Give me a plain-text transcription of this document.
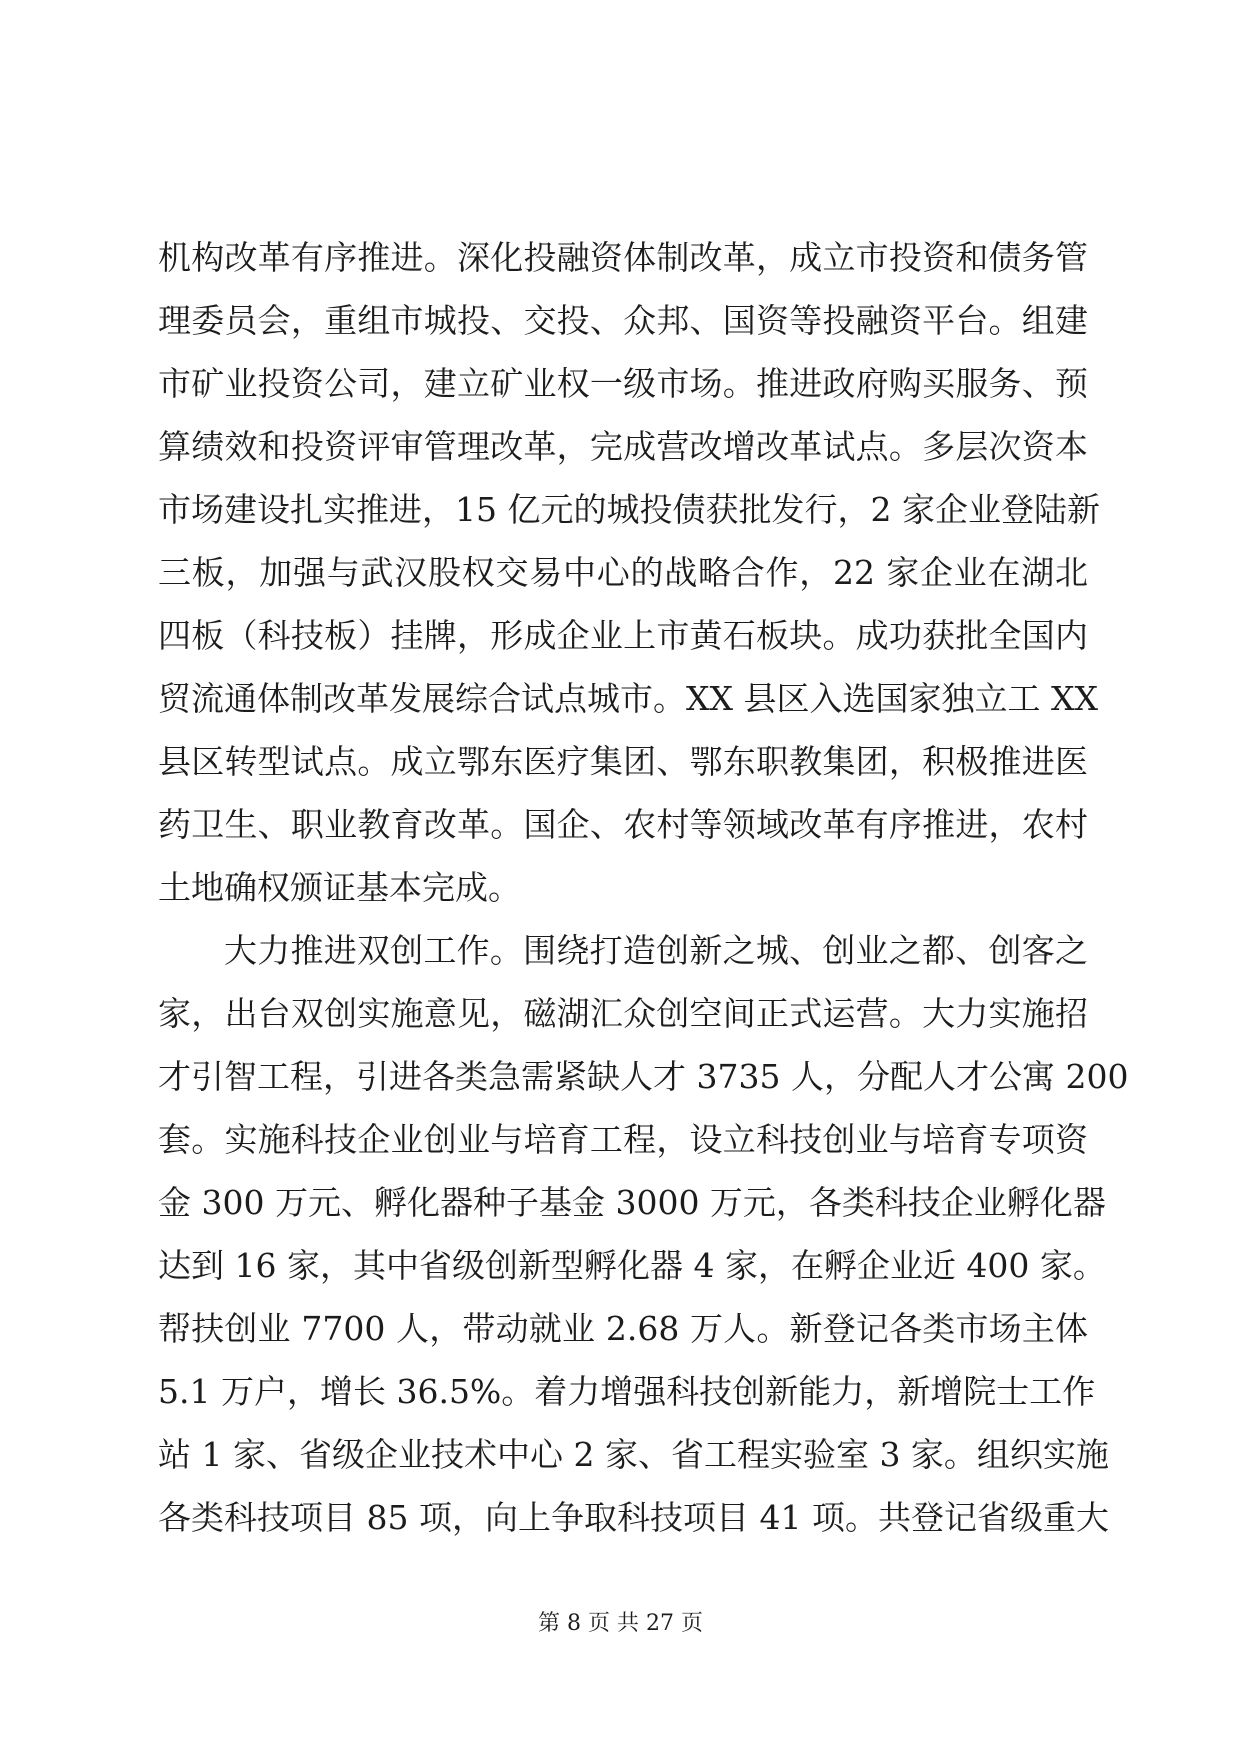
机构改革有序推进。深化投融资体制改革，成立市投资和债务管
理委员会，重组市城投、交投、众邦、国资等投融资平台。组建
市矿业投资公司，建立矿业权一级市场。推进政府购买服务、预
算绩效和投资评审管理改革，完成营改增改革试点。多层次资本
市场建设扎实推进，15 亿元的城投债获批发行，2 家企业登陆新
三板，加强与武汉股权交易中心的战略合作，22 家企业在湖北
四板（科技板）挂牌，形成企业上市黄石板块。成功获批全国内
贸流通体制改革发展综合试点城市。XX 县区入选国家独立工 XX
县区转型试点。成立鄂东医疗集团、鄂东职教集团，积极推进医
药卫生、职业教育改革。国企、农村等领域改革有序推进，农村
土地确权颁证基本完成。
大力推进双创工作。围绕打造创新之城、创业之都、创客之
家，出台双创实施意见，磁湖汇众创空间正式运营。大力实施招
才引智工程，引进各类急需紧缺人才 3735 人，分配人才公寓 200
套。实施科技企业创业与培育工程，设立科技创业与培育专项资
金 300 万元、孵化器种子基金 3000 万元，各类科技企业孵化器
达到 16 家，其中省级创新型孵化器 4 家，在孵企业近 400 家。
帮扶创业 7700 人，带动就业 2.68 万人。新登记各类市场主体
5.1 万户，增长 36.5%。着力增强科技创新能力，新增院士工作
站 1 家、省级企业技术中心 2 家、省工程实验室 3 家。组织实施
各类科技项目 85 项，向上争取科技项目 41 项。共登记省级重大
第 8 页 共 27 页
